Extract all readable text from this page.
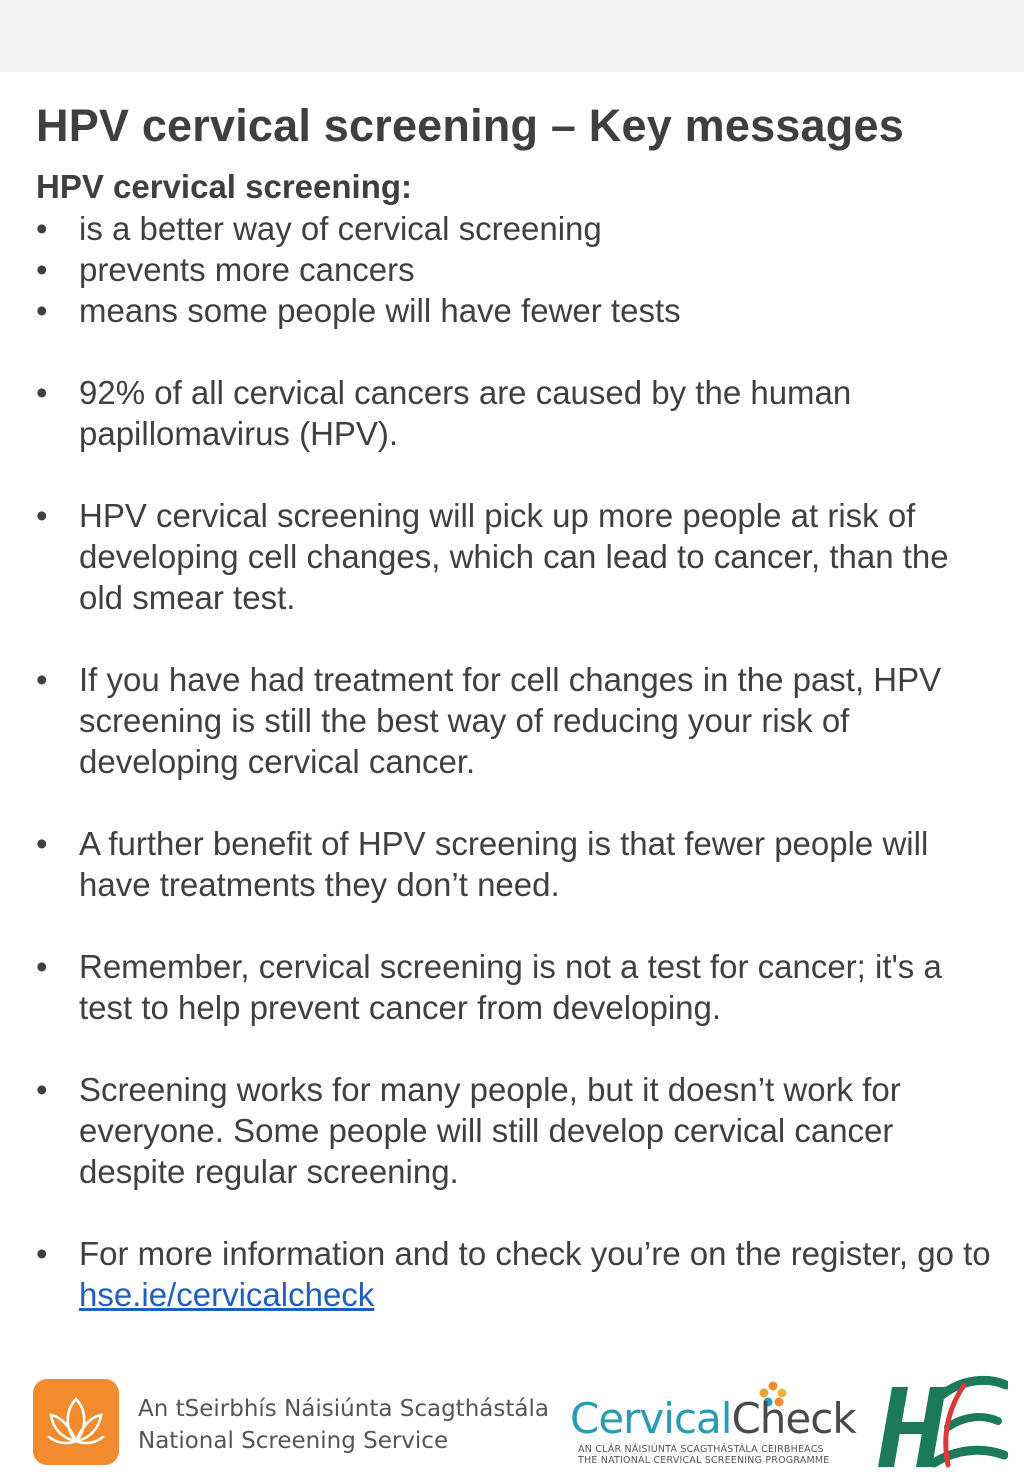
HPV cervical screening – Key messages
HPV cervical screening:
• is a better way of cervical screening
• prevents more cancers
• means some people will have fewer tests
• 92% of all cervical cancers are caused by the human papillomavirus (HPV).
• HPV cervical screening will pick up more people at risk of developing cell changes, which can lead to cancer, than the old smear test.
• If you have had treatment for cell changes in the past, HPV screening is still the best way of reducing your risk of developing cervical cancer.
• A further benefit of HPV screening is that fewer people will have treatments they don’t need.
• Remember, cervical screening is not a test for cancer; it's a test to help prevent cancer from developing.
• Screening works for many people, but it doesn’t work for everyone. Some people will still develop cervical cancer despite regular screening.
• For more information and to check you’re on the register, go to hse.ie/cervicalcheck
An tSeirbhís Náisiúnta Scagthástála
National Screening Service	CervicalCheck
AN CLÁR NÁISIÚNTA SCAGTHÁSTÁLA CEIRBHEACS
THE NATIONAL CERVICAL SCREENING PROGRAMME
